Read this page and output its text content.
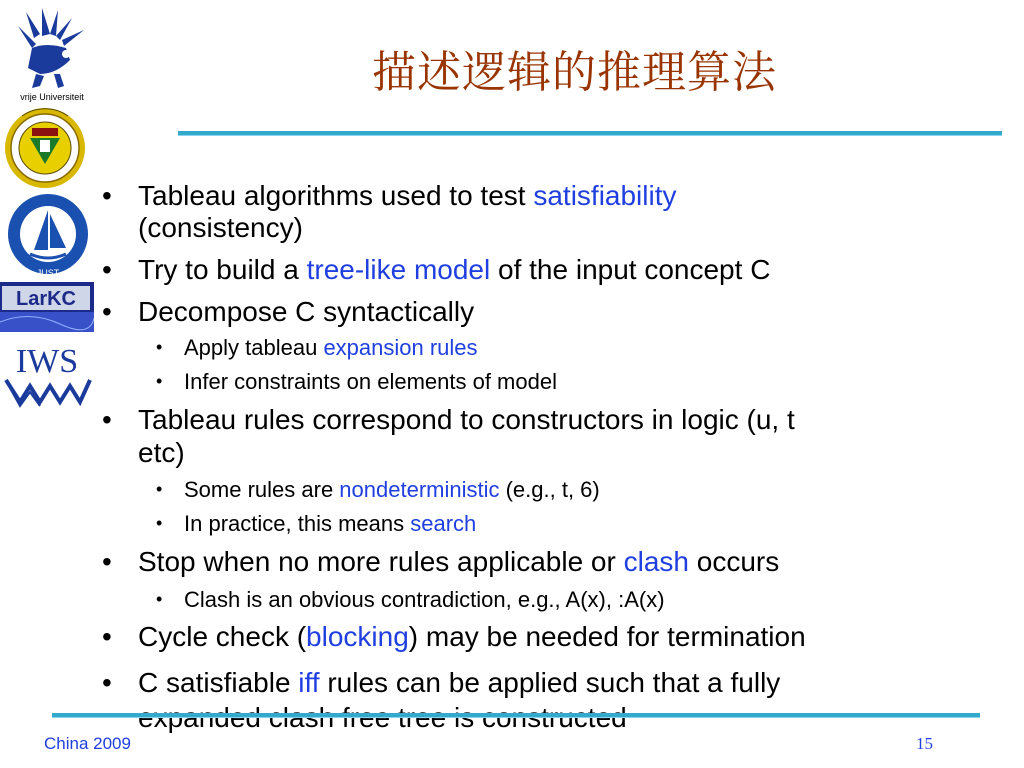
vrije Universiteit
JUST
LarKC
IWS
描述逻辑的推理算法
• Tableau algorithms used to test satisfiability
(consistency)
• Try to build a tree-like model of the input concept C
• Decompose C syntactically
• Apply tableau expansion rules
• Infer constraints on elements of model
• Tableau rules correspond to constructors in logic (u, t
etc)
• Some rules are nondeterministic (e.g., t, 6)
• In practice, this means search
• Stop when no more rules applicable or clash occurs
• Clash is an obvious contradiction, e.g., A(x), :A(x)
• Cycle check (blocking) may be needed for termination
• C satisfiable iff rules can be applied such that a fully
China 2009	15
